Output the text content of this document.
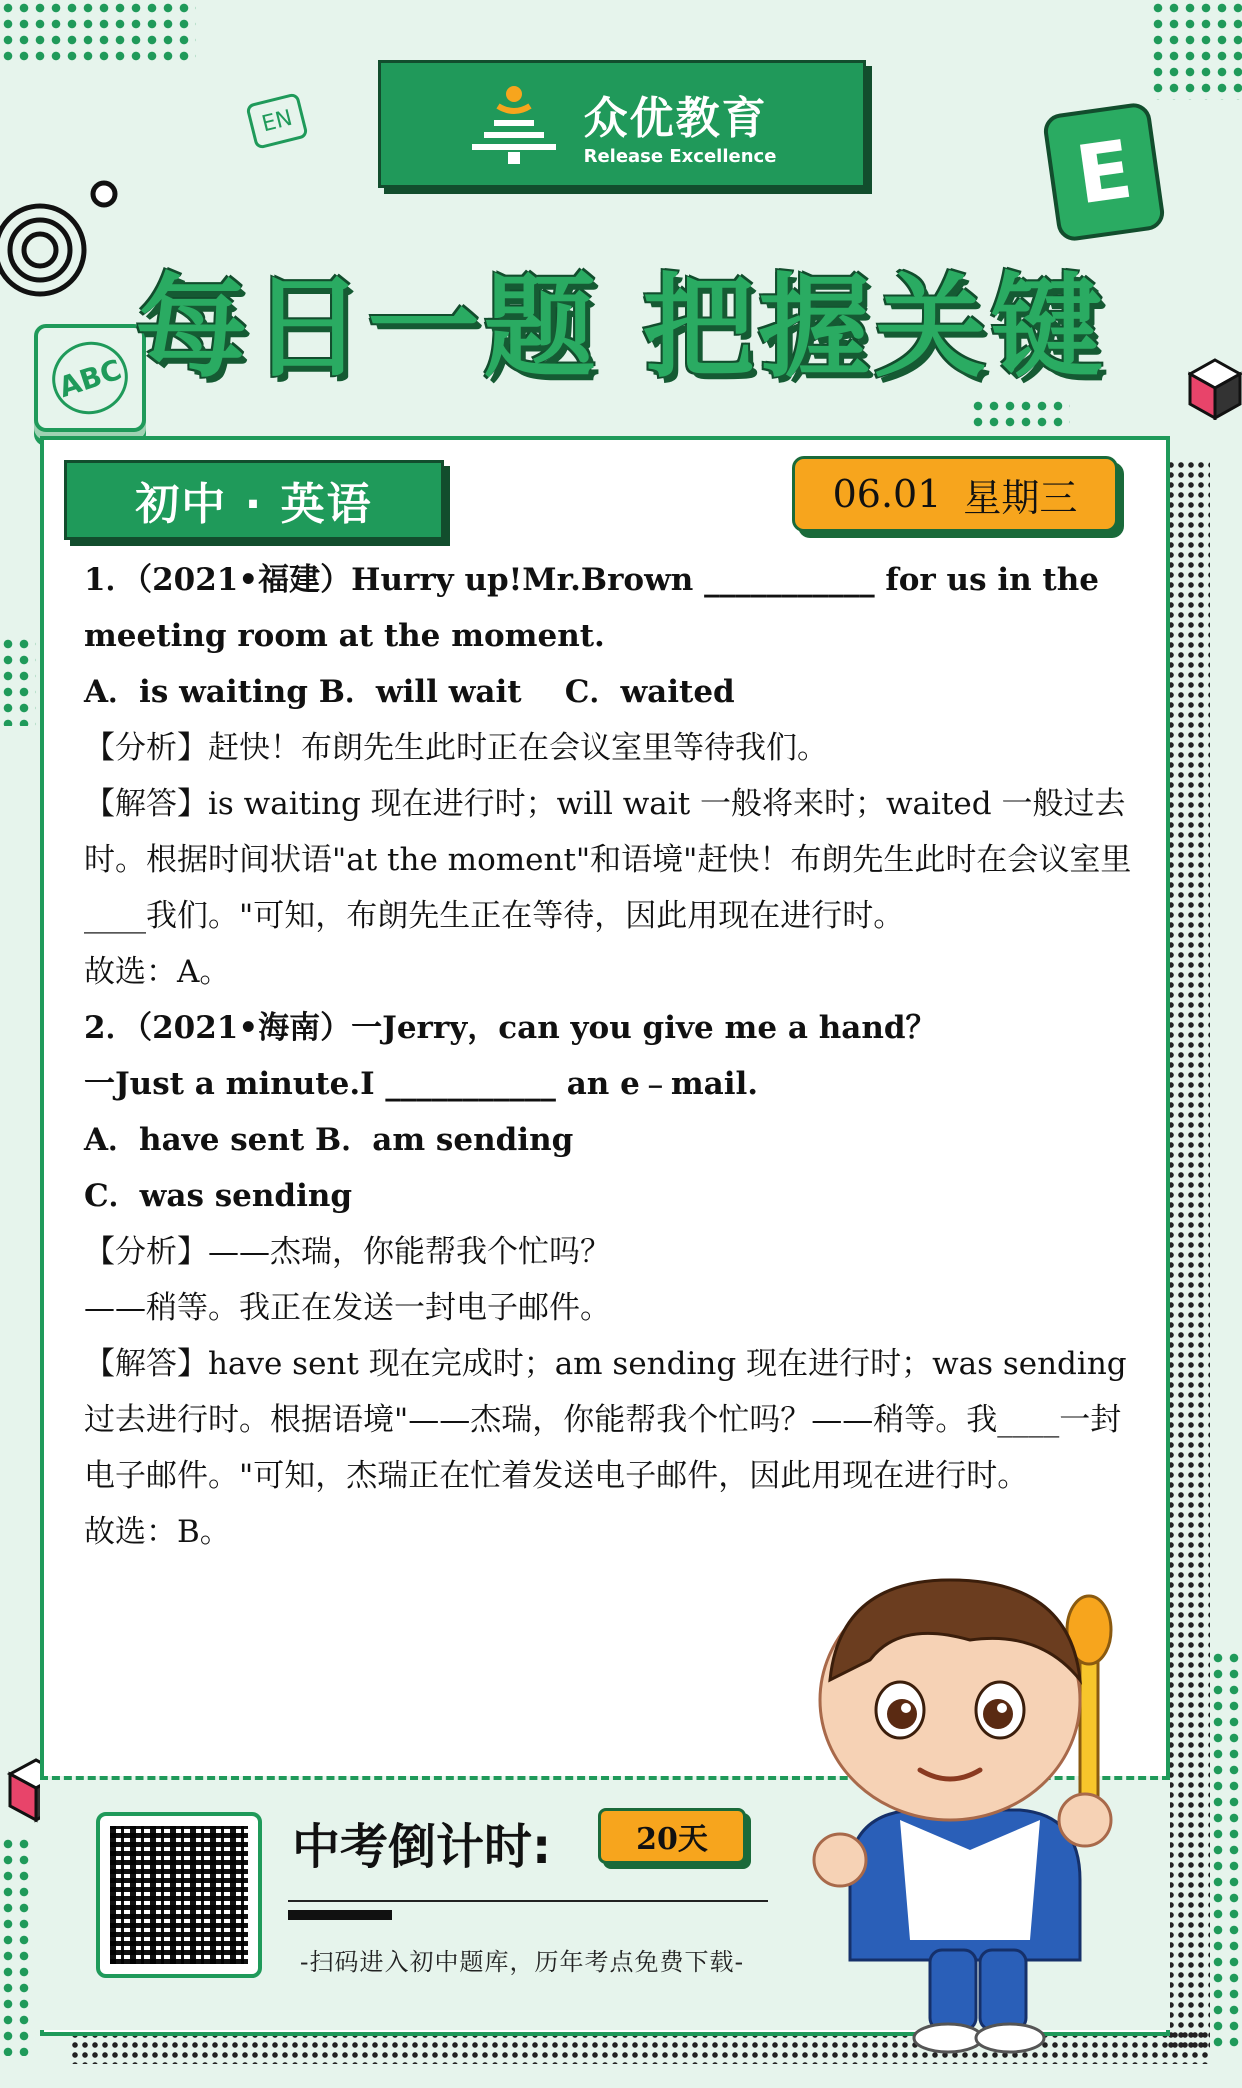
EN
ABC
E
众优教育
Release Excellence
每日一题 把握关键
初中 · 英语	06.01 星期三

1．（2021•福建）Hurry up!Mr.Brown ___________ for us in the meeting room at the moment.

A．is waiting B．will wait    C．waited

【分析】赶快！布朗先生此时正在会议室里等待我们。

【解答】is waiting 现在进行时；will wait 一般将来时；waited 一般过去时。根据时间状语"at the moment"和语境"赶快！布朗先生此时在会议室里____我们。"可知，布朗先生正在等待，因此用现在进行时。

故选：A。

2．（2021•海南）一Jerry，can you give me a hand？

一Just a minute.I ___________ an e﹣mail.

A．have sent B．am sending

C．was sending

【分析】——杰瑞，你能帮我个忙吗？

——稍等。我正在发送一封电子邮件。

【解答】have sent 现在完成时；am sending 现在进行时；was sending 过去进行时。根据语境"——杰瑞，你能帮我个忙吗？——稍等。我____一封电子邮件。"可知，杰瑞正在忙着发送电子邮件，因此用现在进行时。

故选：B。

中考倒计时:	20天
-扫码进入初中题库，历年考点免费下载-
